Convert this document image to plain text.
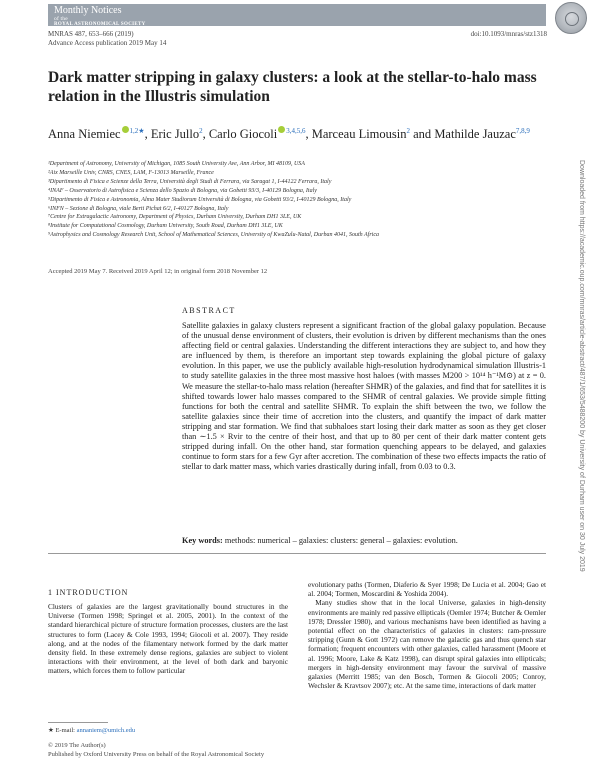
Monthly Notices
of the
ROYAL ASTRONOMICAL SOCIETY
MNRAS 487, 653–666 (2019)
Advance Access publication 2019 May 14
doi:10.1093/mnras/stz1318
Dark matter stripping in galaxy clusters: a look at the stellar-to-halo mass relation in the Illustris simulation
Anna Niemiec $^{1,2★}$, Eric Jullo$^2$, Carlo Giocoli $^{3,4,5,6}$, Marceau Limousin$^2$ and Mathilde Jauzac$^{7,8,9}$
¹Department of Astronomy, University of Michigan, 1085 South University Ave, Ann Arbor, MI 48109, USA
²Aix Marseille Univ, CNRS, CNES, LAM, F-13013 Marseille, France
³Dipartimento di Fisica e Scienze della Terra, Università degli Studi di Ferrara, via Saragat 1, I-44122 Ferrara, Italy
⁴INAF – Osservatorio di Astrofisica e Scienza dello Spazio di Bologna, via Gobetti 93/3, I-40129 Bologna, Italy
⁵Dipartimento di Fisica e Astronomia, Alma Mater Studiorum Università di Bologna, via Gobetti 93/2, I-40129 Bologna, Italy
⁶INFN – Sezione di Bologna, viale Berti Pichat 6/2, I-40127 Bologna, Italy
⁷Centre for Extragalactic Astronomy, Department of Physics, Durham University, Durham DH1 3LE, UK
⁸Institute for Computational Cosmology, Durham University, South Road, Durham DH1 3LE, UK
⁹Astrophysics and Cosmology Research Unit, School of Mathematical Sciences, University of KwaZulu-Natal, Durban 4041, South Africa
Accepted 2019 May 7. Received 2019 April 12; in original form 2018 November 12
ABSTRACT
Satellite galaxies in galaxy clusters represent a significant fraction of the global galaxy population. Because of the unusual dense environment of clusters, their evolution is driven by different mechanisms than the ones affecting field or central galaxies. Understanding the different interactions they are subject to, and how they are influenced by them, is therefore an important step towards explaining the global picture of galaxy evolution. In this paper, we use the publicly available high-resolution hydrodynamical simulation Illustris-1 to study satellite galaxies in the three most massive host haloes (with masses M200 > 10¹⁴ h⁻¹M⊙) at z = 0. We measure the stellar-to-halo mass relation (hereafter SHMR) of the galaxies, and find that for satellites it is shifted towards lower halo masses compared to the SHMR of central galaxies. We provide simple fitting functions for both the central and satellite SHMR. To explain the shift between the two, we follow the satellite galaxies since their time of accretion into the clusters, and quantify the impact of dark matter stripping and star formation. We find that subhaloes start losing their dark matter as soon as they get closer than ∼1.5 × Rvir to the centre of their host, and that up to 80 per cent of their dark matter content gets stripped during infall. On the other hand, star formation quenching appears to be delayed, and galaxies continue to form stars for a few Gyr after accretion. The combination of these two effects impacts the ratio of stellar to dark matter mass, which varies drastically during infall, from 0.03 to 0.3.
Key words: methods: numerical – galaxies: clusters: general – galaxies: evolution.
1 INTRODUCTION
Clusters of galaxies are the largest gravitationally bound structures in the Universe (Tormen 1998; Springel et al. 2005, 2001). In the context of the standard hierarchical picture of structure formation processes, clusters are the last structures to form (Lacey & Cole 1993, 1994; Giocoli et al. 2007). They reside along, and at the nodes of the filamentary network formed by the dark matter density field. In these extremely dense regions, galaxies are subject to violent interactions with their environment, at the level of both dark and baryonic matters, which forces them to follow particular
evolutionary paths (Tormen, Diaferio & Syer 1998; De Lucia et al. 2004; Gao et al. 2004; Tormen, Moscardini & Yoshida 2004).
 Many studies show that in the local Universe, galaxies in high-density environments are mainly red passive ellipticals (Oemler 1974; Butcher & Oemler 1978; Dressler 1980), and various mechanisms have been identified as having a potential effect on the characteristics of galaxies in clusters: ram-pressure stripping (Gunn & Gott 1972) can remove the galactic gas and thus quench star formation; frequent encounters with other galaxies, called harassment (Moore et al. 1996; Moore, Lake & Katz 1998), can disrupt spiral galaxies into ellipticals; mergers in high-density environment may favour the survival of massive galaxies (Merritt 1985; van den Bosch, Tormen & Giocoli 2005; Conroy, Wechsler & Kravtsov 2007); etc. At the same time, interactions of dark matter
★ E-mail: annaniem@umich.edu
© 2019 The Author(s)
Published by Oxford University Press on behalf of the Royal Astronomical Society
Downloaded from https://academic.oup.com/mnras/article-abstract/487/1/653/5488200 by University of Durham user on 30 July 2019
